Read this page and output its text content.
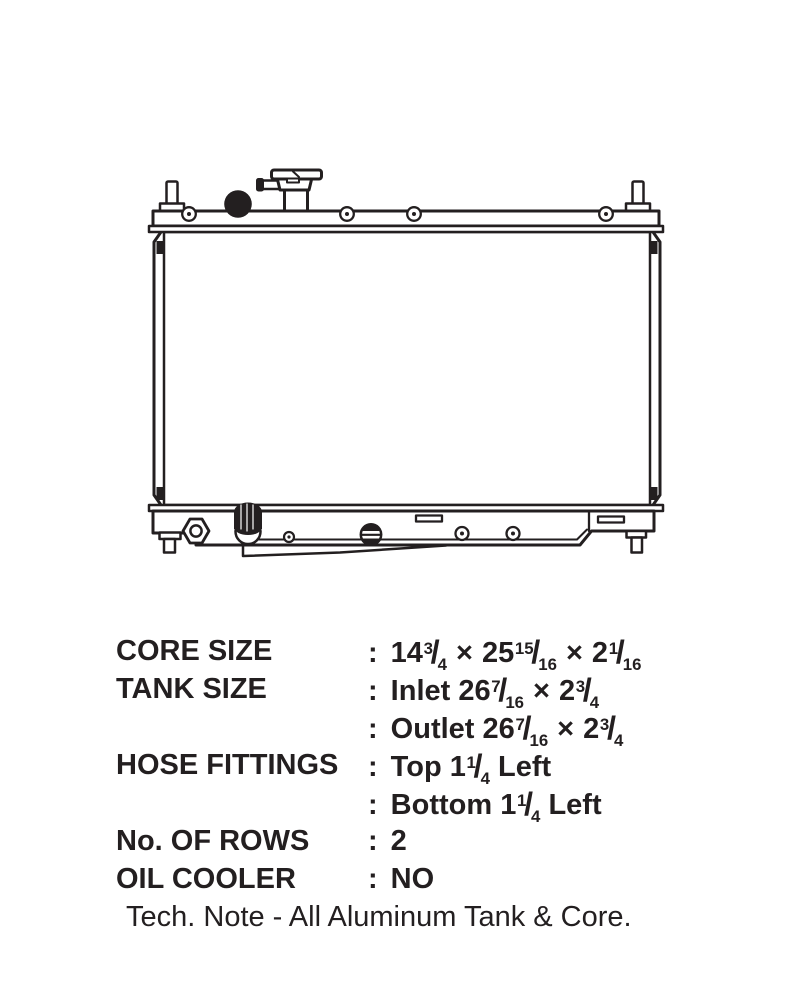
CORE SIZE	: $14^3/_4 \times 25^{15}/_{16} \times 2^1/_{16}$
TANK SIZE	: Inlet $26^7/_{16} \times 2^3/_4$
: Outlet $26^7/_{16} \times 2^3/_4$
HOSE FITTINGS	: Top $1^1/_4$ Left
: Bottom $1^1/_4$ Left
No. OF ROWS	: 2
OIL COOLER	: NO
Tech. Note - All Aluminum Tank & Core.
